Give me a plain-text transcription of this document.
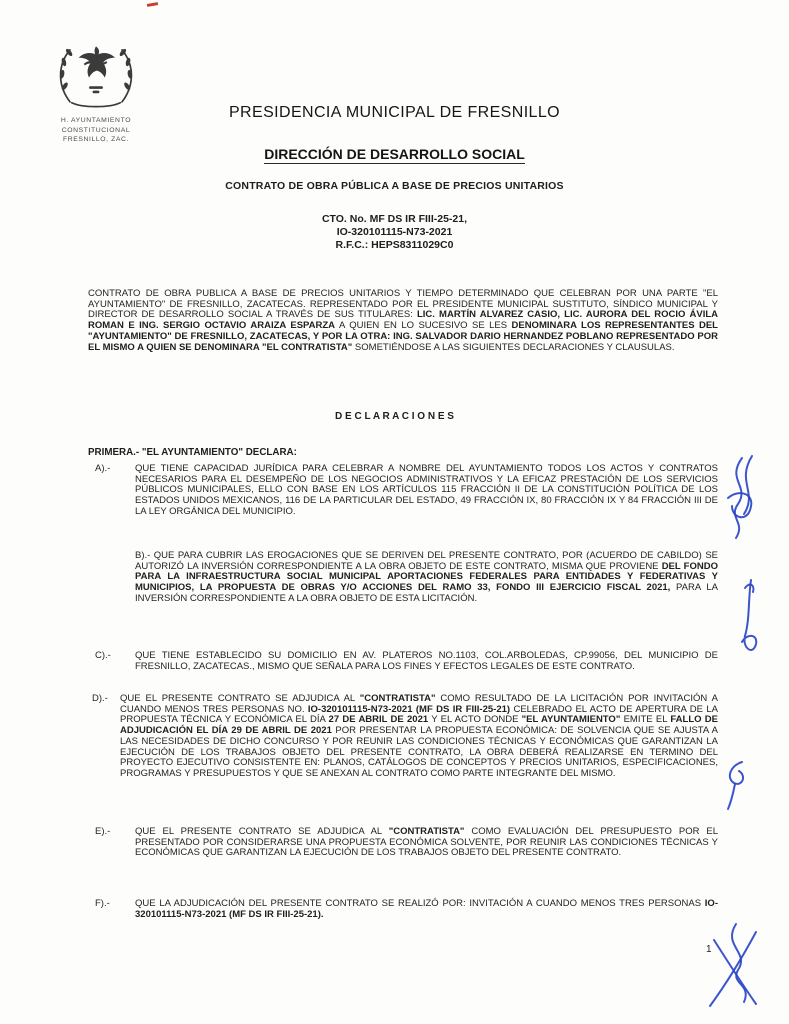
H. AYUNTAMIENTO
CONSTITUCIONAL
FRESNILLO, ZAC.
PRESIDENCIA MUNICIPAL DE FRESNILLO
DIRECCIÓN DE DESARROLLO SOCIAL
CONTRATO DE OBRA PÚBLICA A BASE DE PRECIOS UNITARIOS
CTO. No. MF DS IR FIII-25-21,
IO-320101115-N73-2021
R.F.C.: HEPS8311029C0
CONTRATO DE OBRA PUBLICA A BASE DE PRECIOS UNITARIOS Y TIEMPO DETERMINADO QUE CELEBRAN POR UNA PARTE "EL AYUNTAMIENTO" DE FRESNILLO, ZACATECAS. REPRESENTADO POR EL PRESIDENTE MUNICIPAL SUSTITUTO, SÍNDICO MUNICIPAL Y DIRECTOR DE DESARROLLO SOCIAL A TRAVÉS DE SUS TITULARES: LIC. MARTÍN ALVAREZ CASIO, LIC. AURORA DEL ROCIO ÁVILA ROMAN E ING. SERGIO OCTAVIO ARAIZA ESPARZA A QUIEN EN LO SUCESIVO SE LES DENOMINARA LOS REPRESENTANTES DEL "AYUNTAMIENTO" DE FRESNILLO, ZACATECAS, Y POR LA OTRA: ING. SALVADOR DARIO HERNANDEZ POBLANO REPRESENTADO POR EL MISMO A QUIEN SE DENOMINARA "EL CONTRATISTA" SOMETIÉNDOSE A LAS SIGUIENTES DECLARACIONES Y CLAUSULAS.
D E C L A R A C I O N E S
PRIMERA.- "EL AYUNTAMIENTO" DECLARA:
A).-	QUE TIENE CAPACIDAD JURÍDICA PARA CELEBRAR A NOMBRE DEL AYUNTAMIENTO TODOS LOS ACTOS Y CONTRATOS NECESARIOS PARA EL DESEMPEÑO DE LOS NEGOCIOS ADMINISTRATIVOS Y LA EFICAZ PRESTACIÓN DE LOS SERVICIOS PÚBLICOS MUNICIPALES, ELLO CON BASE EN LOS ARTÍCULOS 115 FRACCIÓN II DE LA CONSTITUCIÓN POLÍTICA DE LOS ESTADOS UNIDOS MEXICANOS, 116 DE LA PARTICULAR DEL ESTADO, 49 FRACCIÓN IX, 80 FRACCIÓN IX Y 84 FRACCIÓN III DE LA LEY ORGÁNICA DEL MUNICIPIO.
B).- QUE PARA CUBRIR LAS EROGACIONES QUE SE DERIVEN DEL PRESENTE CONTRATO, POR (ACUERDO DE CABILDO) SE AUTORIZÓ LA INVERSIÓN CORRESPONDIENTE A LA OBRA OBJETO DE ESTE CONTRATO, MISMA QUE PROVIENE DEL FONDO PARA LA INFRAESTRUCTURA SOCIAL MUNICIPAL APORTACIONES FEDERALES PARA ENTIDADES Y FEDERATIVAS Y MUNICIPIOS, LA PROPUESTA DE OBRAS Y/O ACCIONES DEL RAMO 33, FONDO III EJERCICIO FISCAL 2021, PARA LA INVERSIÓN CORRESPONDIENTE A LA OBRA OBJETO DE ESTA LICITACIÓN.
C).-	QUE TIENE ESTABLECIDO SU DOMICILIO EN AV. PLATEROS NO.1103, COL.ARBOLEDAS, CP.99056, DEL MUNICIPIO DE FRESNILLO, ZACATECAS., MISMO QUE SEÑALA PARA LOS FINES Y EFECTOS LEGALES DE ESTE CONTRATO.
D).-	QUE EL PRESENTE CONTRATO SE ADJUDICA AL "CONTRATISTA" COMO RESULTADO DE LA LICITACIÓN POR INVITACIÓN A CUANDO MENOS TRES PERSONAS NO. IO-320101115-N73-2021 (MF DS IR FIII-25-21) CELEBRADO EL ACTO DE APERTURA DE LA PROPUESTA TÉCNICA Y ECONÓMICA EL DÍA 27 DE ABRIL DE 2021 Y EL ACTO DONDE "EL AYUNTAMIENTO" EMITE EL FALLO DE ADJUDICACIÓN EL DÍA 29 DE ABRIL DE 2021 POR PRESENTAR LA PROPUESTA ECONÓMICA: DE SOLVENCIA QUE SE AJUSTA A LAS NECESIDADES DE DICHO CONCURSO Y POR REUNIR LAS CONDICIONES TÉCNICAS Y ECONÓMICAS QUE GARANTIZAN LA EJECUCIÓN DE LOS TRABAJOS OBJETO DEL PRESENTE CONTRATO, LA OBRA DEBERÁ REALIZARSE EN TERMINO DEL PROYECTO EJECUTIVO CONSISTENTE EN: PLANOS, CATÁLOGOS DE CONCEPTOS Y PRECIOS UNITARIOS, ESPECIFICACIONES, PROGRAMAS Y PRESUPUESTOS Y QUE SE ANEXAN AL CONTRATO COMO PARTE INTEGRANTE DEL MISMO.
E).-	QUE EL PRESENTE CONTRATO SE ADJUDICA AL "CONTRATISTA" COMO EVALUACIÓN DEL PRESUPUESTO POR EL PRESENTADO POR CONSIDERARSE UNA PROPUESTA ECONÓMICA SOLVENTE, POR REUNIR LAS CONDICIONES TÉCNICAS Y ECONÓMICAS QUE GARANTIZAN LA EJECUCIÓN DE LOS TRABAJOS OBJETO DEL PRESENTE CONTRATO.
F).-	QUE LA ADJUDICACIÓN DEL PRESENTE CONTRATO SE REALIZÓ POR: INVITACIÓN A CUANDO MENOS TRES PERSONAS IO-320101115-N73-2021 (MF DS IR FIII-25-21).
1
